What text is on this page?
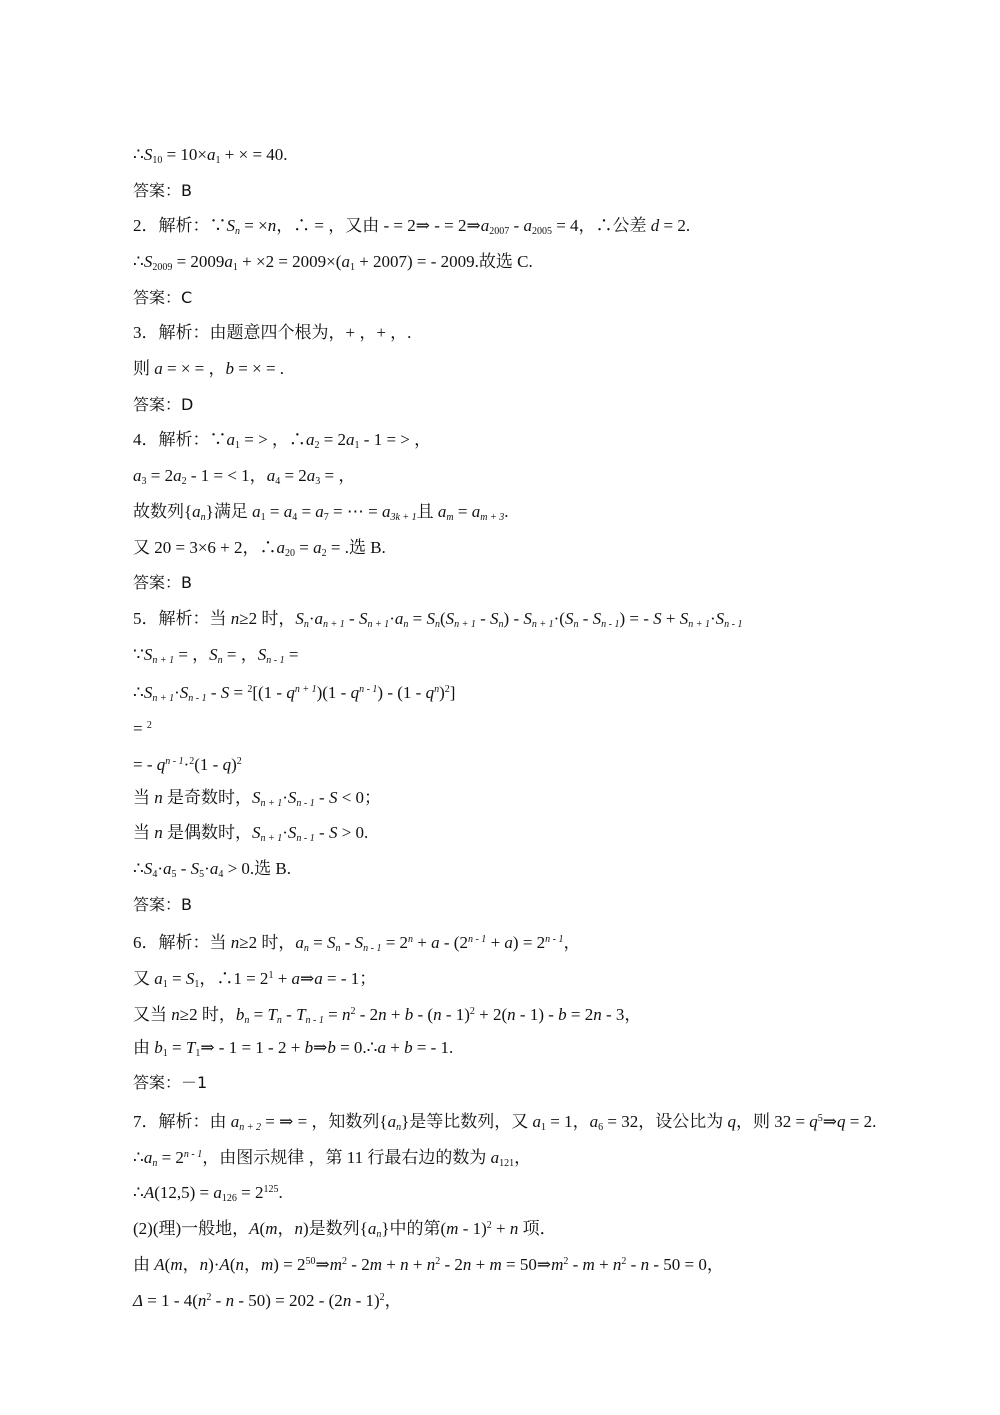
$\therefore S_{10} = 10\times a_1$ + × = 40.
答案：B
2．解析：$\because S_n = \times n$，∴ = ，又由 - = 2⇒ - = $2\Rightarrow a_{2007} - a_{2005} = 4$，∴公差 d = 2.
$\therefore S_{2009} = 2009a_1 + \times 2 = 2009\times(a_1 + 2007)$ = - 2009.故选 C.
答案：C
3．解析：由题意四个根为，+ ，+ ，.
则 a = × = ，b = × = .
答案：D
4．解析：$\because a_1$ = > ，$\therefore a_2 = 2a_1 - 1$ = > ，
$a_3 = 2a_2 - 1$ = < 1，$a_4 = 2a_3$ = ，
故数列$\{a_n\}$满足 $a_1 = a_4 = a_7$ = ⋯ = $a_{3k + 1}$且 $a_m = a_{m + 3}$.
又 20 = 3×6 + 2，$\therefore a_{20} = a_2$ = .选 B.
答案：B
5．解析：当 n≥2 时，$S_n\cdot a_{n + 1} - S_{n + 1}\cdot a_n = S_n(S_{n + 1} - S_n) - S_{n + 1}\cdot(S_n - S_{n - 1})$ = - $S + S_{n + 1}\cdot S_{n - 1}$
$\because S_{n + 1}$ = ，$S_n$ = ，$S_{n - 1}$ =
$\therefore S_{n + 1}\cdot S_{n - 1} - S = ^2[(1 - q^{n + 1})(1 - q^{n - 1}) - (1 - q^n)^2]$
= $^2$
= - $q^{n - 1}\cdot^2(1 - q)^2$
当 n 是奇数时，$S_{n + 1}\cdot S_{n - 1} - S < 0$；
当 n 是偶数时，$S_{n + 1}\cdot S_{n - 1} - S > 0$.
$\therefore S_4\cdot a_5 - S_5\cdot a_4 > 0$.选 B.
答案：B
6．解析：当 n≥2 时，$a_n = S_n - S_{n - 1} = 2^n + a - (2^{n - 1} + a) = 2^{n - 1}$，
又 $a_1 = S_1$，∴1 = $2^1$ + a⇒a = - 1；
又当 n≥2 时，$b_n = T_n - T_{n - 1} = n^2 - 2n + b - (n - 1)^2 + 2(n - 1) - b = 2n - 3$，
由 $b_1$ = $T_1\Rightarrow - 1 = 1 - 2$ + b⇒b = 0.∴a + b = - 1.
答案：－1
7．解析：由 $a_{n + 2}$ = ⇒ = ，知数列$\{a_n\}$是等比数列，又 $a_1 = 1$，$a_6 = 32$，设公比为 q，则 $32 = q^5\Rightarrow q = 2$.
$\therefore a_n = 2^{n - 1}$，由图示规律 ，第 11 行最右边的数为 $a_{121}$，
∴A(12,5) = $a_{126} = 2^{125}$.
(2)(理)一般地，A(m，n)是数列$\{a_n\}$中的第(m - 1)$^2$ + n 项．
由 A(m，n)·A(n，$m) = 2^{50}\Rightarrow m^2 - 2m + n + n^2 - 2n + m$ = $50\Rightarrow m^2 - m + n^2 - n - 50 = 0$，
$\Delta = 1 - 4(n^2 - n - 50) = 202 - (2n - 1)^2$，
